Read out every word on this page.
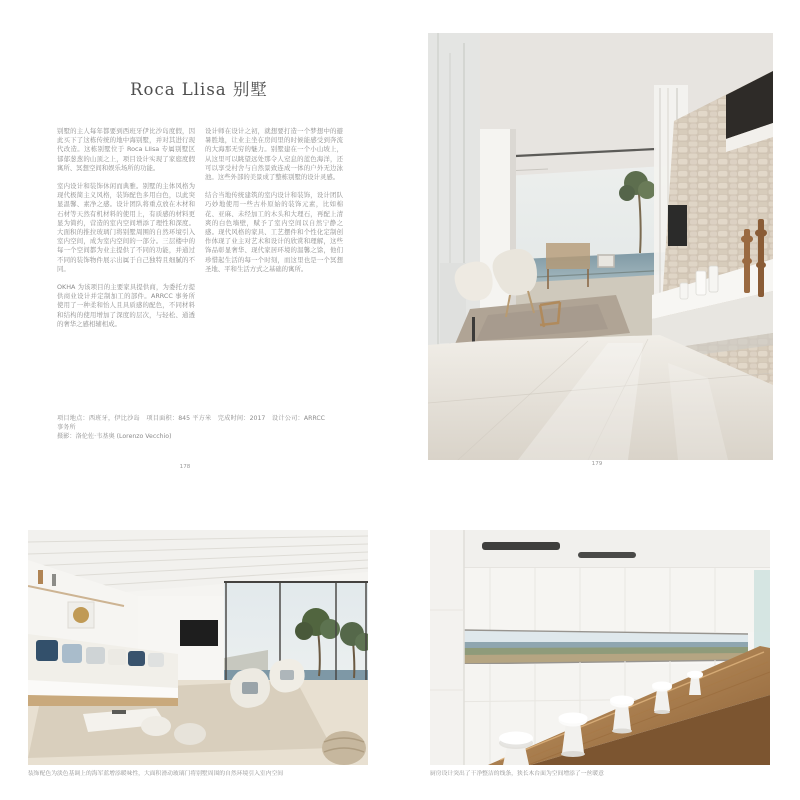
Roca Llisa 别墅

别墅的主人每年都要到西班牙伊比沙岛度假，因此买下了这栋传统的地中海别墅，并对其进行现代改造。这栋别墅位于 Roca Llisa 专属别墅区郁郁葱葱的山顶之上，项目设计实现了家庭度假寓所、冥想空间和娱乐场所的功能。

室内设计和装饰休闲而典雅。别墅的主体风格为现代极简主义风格，装饰配色多用白色，以此突显温馨、素净之感。设计团队将重点放在木材和石材等天然有机材料的使用上，有质感的材料更显为简约，营造的室内空间增添了理性和深度。大面积的推拉玻璃门将别墅周围的自然环境引入室内空间，成为室内空间的一部分。三层楼中的每一个空间都为业主提供了不同的功能，并通过不同的装饰物件展示出属于自己独特且细腻的不同。

OKHA 为该项目的主要家具提供商，为委托方提供商业设计并定制加工的部件。ARRCC 事务所使用了一种柔和怡人且具质感的配色，不同材料和结构的使用增加了深度的层次，与轻松、通透的奢华之感相辅相成。

设计师在设计之初，就想要打造一个梦想中的避暑胜地，让业主坐在房间里的时候能感受到奔流的大海那无穷的魅力。别墅建在一个小山坡上，从这里可以眺望远处那令人窒息的蓝色海洋，还可以享受村舍与自然景致连成一体的户外无边泳池。这些外部的美景成了整栋别墅的设计灵感。

结合当地传统建筑的室内设计和装饰，设计团队巧妙地使用一些古朴原始的装饰元素，比如棉花、亚麻、未经加工的木头和大理石，再配上清爽的白色墙壁，赋予了室内空间以自然宁静之感。现代风格的家具、工艺摆件和个性化定制创作体现了业主对艺术和设计的欣赏和理解，这些饰品彰显奢华、现代家居环境的温馨之馀，他们珍惜起生活的每一个时刻，而这里也是一个冥想圣地、平和生活方式之基础的寓所。

项目地点：西班牙，伊比沙岛　项目面积：845 平方米　完成时间：2017　设计公司：ARRCC 事务所
摄影：洛伦佐·韦基奥 (Lorenzo Vecchio)
178	179
装饰配色为淡色基调上的海军蓝增添暖味性，大面积滑动玻璃门将别墅周围的自然环境引入室内空间	厨房设计突出了干净整洁的线条，狭长木台面为空间增添了一丝暖意
